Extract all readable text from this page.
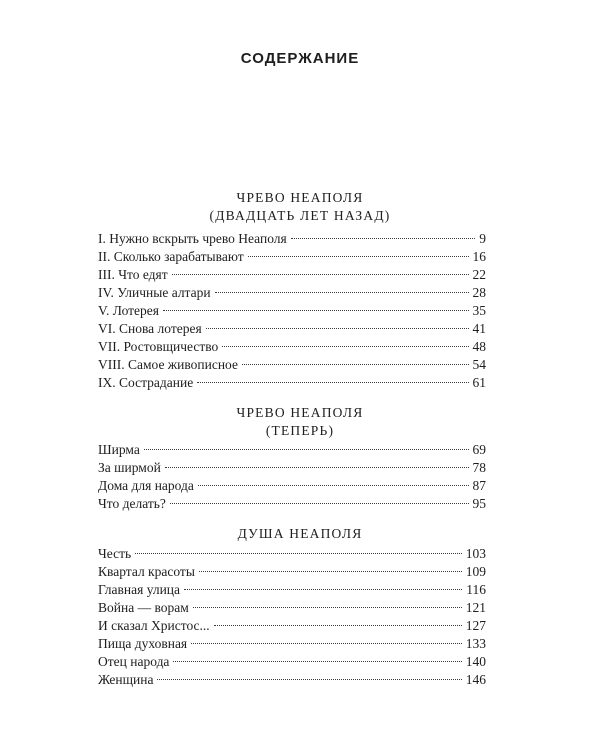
СОДЕРЖАНИЕ
ЧРЕВО НЕАПОЛЯ
(ДВАДЦАТЬ ЛЕТ НАЗАД)
I. Нужно вскрыть чрево Неаполя	9
II. Сколько зарабатывают	16
III. Что едят	22
IV. Уличные алтари	28
V. Лотерея	35
VI. Снова лотерея	41
VII. Ростовщичество	48
VIII. Самое живописное	54
IX. Сострадание	61
ЧРЕВО НЕАПОЛЯ
(ТЕПЕРЬ)
Ширма	69
За ширмой	78
Дома для народа	87
Что делать?	95
ДУША НЕАПОЛЯ
Честь	103
Квартал красоты	109
Главная улица	116
Война — ворам	121
И сказал Христос...	127
Пища духовная	133
Отец народа	140
Женщина	146
